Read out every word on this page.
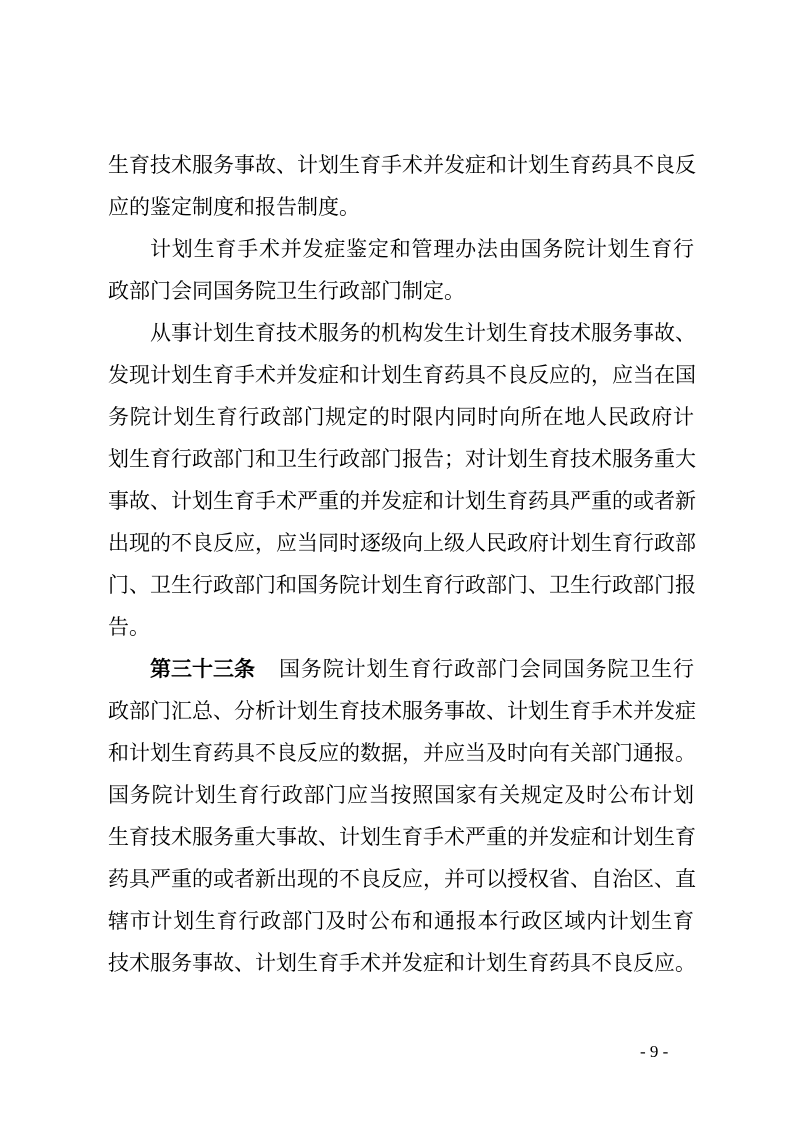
生育技术服务事故、计划生育手术并发症和计划生育药具不良反
应的鉴定制度和报告制度。
计划生育手术并发症鉴定和管理办法由国务院计划生育行
政部门会同国务院卫生行政部门制定。
从事计划生育技术服务的机构发生计划生育技术服务事故、
发现计划生育手术并发症和计划生育药具不良反应的，应当在国
务院计划生育行政部门规定的时限内同时向所在地人民政府计
划生育行政部门和卫生行政部门报告；对计划生育技术服务重大
事故、计划生育手术严重的并发症和计划生育药具严重的或者新
出现的不良反应，应当同时逐级向上级人民政府计划生育行政部
门、卫生行政部门和国务院计划生育行政部门、卫生行政部门报
告。
第三十三条 国务院计划生育行政部门会同国务院卫生行
政部门汇总、分析计划生育技术服务事故、计划生育手术并发症
和计划生育药具不良反应的数据，并应当及时向有关部门通报。
国务院计划生育行政部门应当按照国家有关规定及时公布计划
生育技术服务重大事故、计划生育手术严重的并发症和计划生育
药具严重的或者新出现的不良反应，并可以授权省、自治区、直
辖市计划生育行政部门及时公布和通报本行政区域内计划生育
技术服务事故、计划生育手术并发症和计划生育药具不良反应。
- 9 -
